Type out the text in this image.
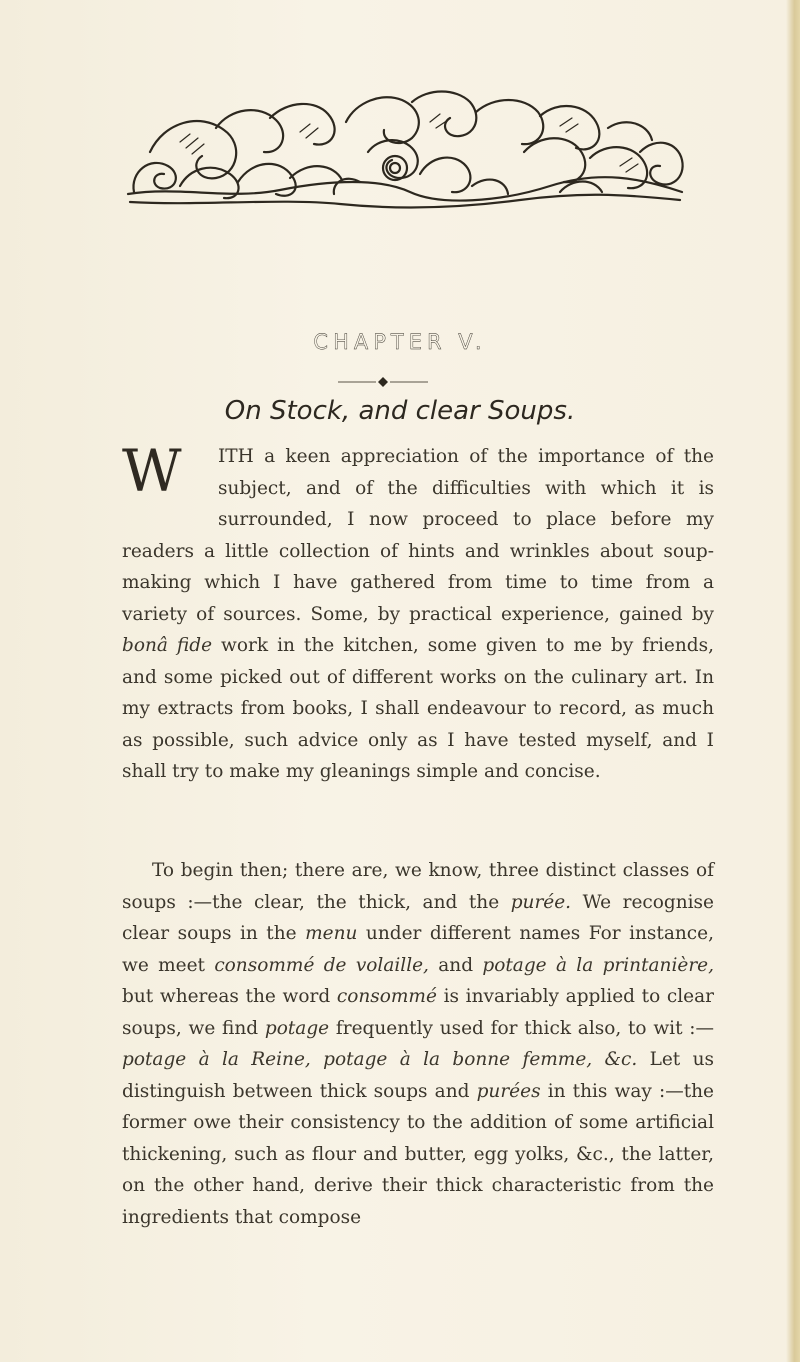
CHAPTER V.
On Stock, and clear Soups.
W	ITH a keen appreciation of the importance of the subject, and of the difficulties with which it is surrounded, I now proceed to place before my readers a little collection of hints and wrinkles about soup-making which I have gathered from time to time from a variety of sources. Some, by practical experience, gained by bonâ fide work in the kitchen, some given to me by friends, and some picked out of different works on the culinary art. In my extracts from books, I shall endeavour to record, as much as possible, such advice only as I have tested myself, and I shall try to make my gleanings simple and concise.
To begin then; there are, we know, three distinct classes of soups :—the clear, the thick, and the purée. We recognise clear soups in the menu under different names For instance, we meet consommé de volaille, and potage à la printanière, but whereas the word consommé is invariably applied to clear soups, we find potage frequently used for thick also, to wit :—potage à la Reine, potage à la bonne femme, &c. Let us distinguish between thick soups and purées in this way :—the former owe their consistency to the addition of some artificial thickening, such as flour and butter, egg yolks, &c., the latter, on the other hand, derive their thick characteristic from the ingredients that compose
